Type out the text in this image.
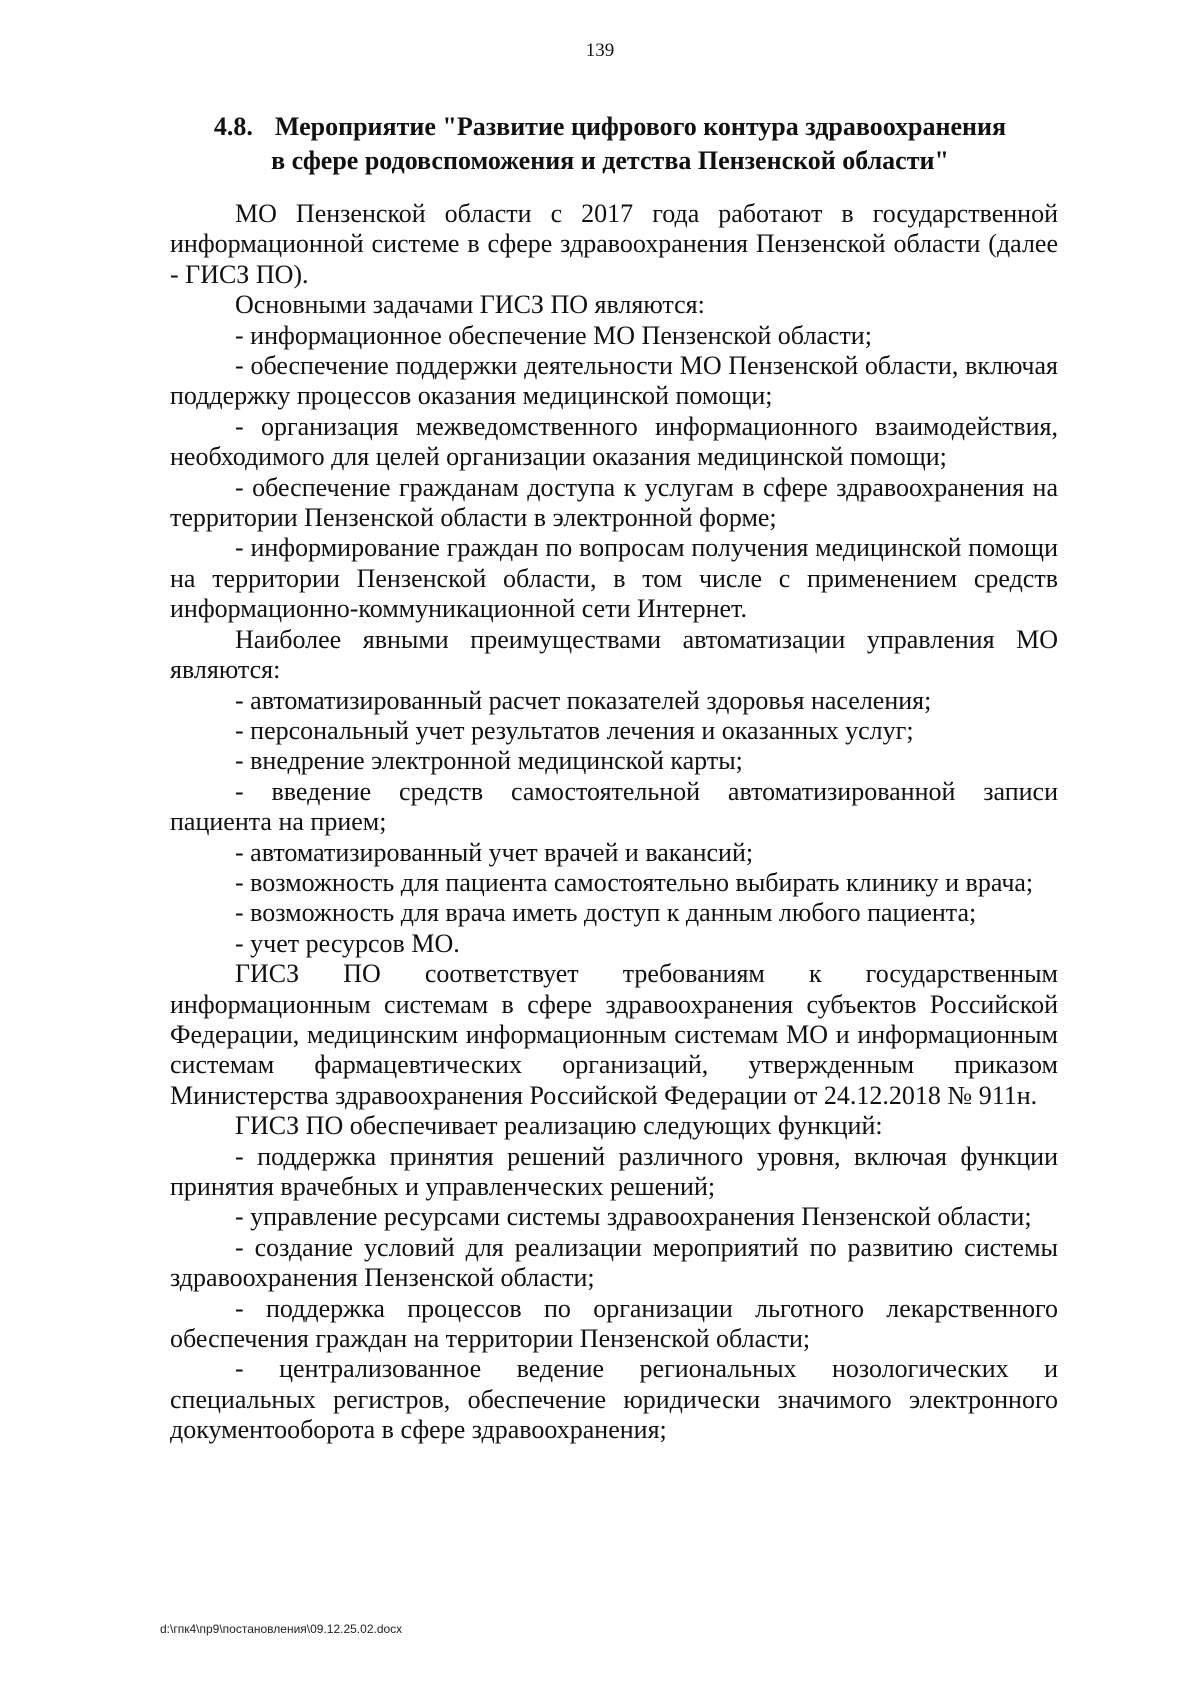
139
4.8. Мероприятие "Развитие цифрового контура здравоохранения
в сфере родовспоможения и детства Пензенской области"

МО Пензенской области с 2017 года работают в государственной информационной системе в сфере здравоохранения Пензенской области (далее - ГИСЗ ПО).

Основными задачами ГИСЗ ПО являются:

- информационное обеспечение МО Пензенской области;

- обеспечение поддержки деятельности МО Пензенской области, включая поддержку процессов оказания медицинской помощи;

- организация межведомственного информационного взаимодействия, необходимого для целей организации оказания медицинской помощи;

- обеспечение гражданам доступа к услугам в сфере здравоохранения на территории Пензенской области в электронной форме;

- информирование граждан по вопросам получения медицинской помощи на территории Пензенской области, в том числе с применением средств информационно-коммуникационной сети Интернет.

Наиболее явными преимуществами автоматизации управления МО являются:

- автоматизированный расчет показателей здоровья населения;

- персональный учет результатов лечения и оказанных услуг;

- внедрение электронной медицинской карты;

- введение средств самостоятельной автоматизированной записи пациента на прием;

- автоматизированный учет врачей и вакансий;

- возможность для пациента самостоятельно выбирать клинику и врача;

- возможность для врача иметь доступ к данным любого пациента;

- учет ресурсов МО.

ГИСЗ ПО соответствует требованиям к государственным информационным системам в сфере здравоохранения субъектов Российской Федерации, медицинским информационным системам МО и информационным системам фармацевтических организаций, утвержденным приказом Министерства здравоохранения Российской Федерации от 24.12.2018 № 911н.

ГИСЗ ПО обеспечивает реализацию следующих функций:

- поддержка принятия решений различного уровня, включая функции принятия врачебных и управленческих решений;

- управление ресурсами системы здравоохранения Пензенской области;

- создание условий для реализации мероприятий по развитию системы здравоохранения Пензенской области;

- поддержка процессов по организации льготного лекарственного обеспечения граждан на территории Пензенской области;

- централизованное ведение региональных нозологических и специальных регистров, обеспечение юридически значимого электронного документооборота в сфере здравоохранения;

d:\гпк4\пр9\постановления\09.12.25.02.docx
